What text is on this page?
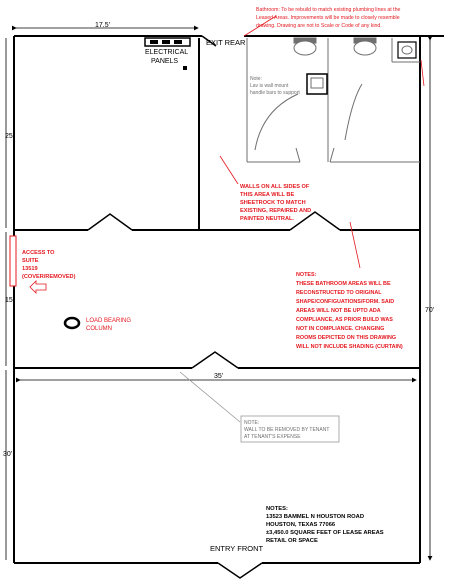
17.5'
25'
15'
30'
70'
35'
EXIT REAR
ENTRY FRONT
ELECTRICAL
PANELS
LOAD BEARING
COLUMN
Bathroom: To be rebuild to match existing plumbing lines at the Leased Areas. Improvements will be made to closely resemble drawing. Drawing are not to Scale or Code of any kind.
Note: Lav is wall mount handle bars to support
WALLS ON ALL SIDES OF THIS AREA WILL BE SHEETROCK TO MATCH EXISTING, REPAIRED AND PAINTED NEUTRAL.
ACCESS TO SUITE 13519 (COVER/REMOVED)	NOTES: THESE BATHROOM AREAS WILL BE RECONSTRUCTED TO ORIGINAL SHAPE/CONFIGUATIONS/FORM. SAID AREAS WILL NOT BE UPTO ADA COMPLIANCE, AS PRIOR BUILD WAS NOT IN COMPLIANCE. CHANGING ROOMS DEPICTED ON THIS DRAWING WILL NOT INCLUDE SHADING (CURTAIN)
NOTE: WALL TO BE REMOVED BY TENANT AT TENANT'S EXPENSE
NOTES: 13523 BAMMEL N HOUSTON ROAD HOUSTON, TEXAS 77066 ±3,450.0 SQUARE FEET OF LEASE AREAS RETAIL OR SPACE
